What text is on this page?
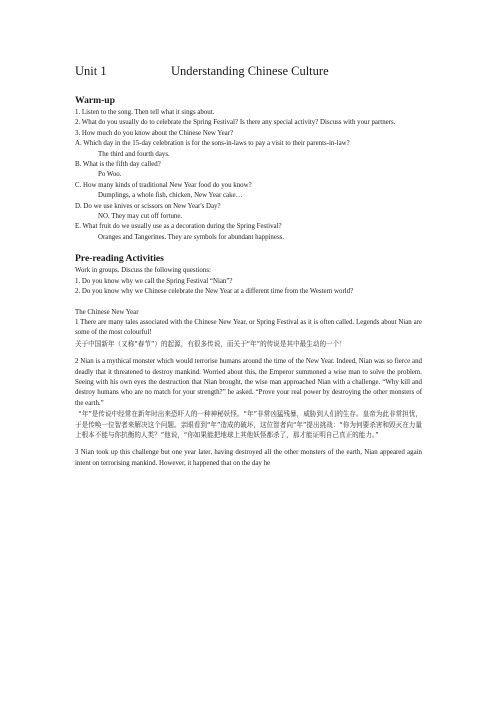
Unit 1	Understanding Chinese Culture
Warm-up

1. Listen to the song. Then tell what it sings about.

2. What do you usually do to celebrate the Spring Festival? Is there any special activity? Discuss with your partners.

3. How much do you know about the Chinese New Year?

A. Which day in the 15-day celebration is for the sons-in-laws to pay a visit to their parents-in-law?

The third and fourth days.

B. What is the fifth day called?

Po Woo.

C. How many kinds of traditional New Year food do you know?

Dumplings, a whole fish, chicken, New Year cake…

D. Do we use knives or scissors on New Year's Day?

NO. They may cut off fortune.

E. What fruit do we usually use as a decoration during the Spring Festival?

Oranges and Tangerines. They are symbols for abundant happiness.

Pre-reading Activities

Work in groups. Discuss the following questions:

1. Do you know why we call the Spring Festival “Nian”?

2. Do you know why we Chinese celebrate the New Year at a different time from the Western world?

The Chinese New Year

1 There are many tales associated with the Chinese New Year, or Spring Festival as it is often called. Legends about Nian are some of the most colourful!

关于中国新年（又称“春节”）的起源，有很多传说，而关于“年”的传说是其中最生动的一个！

2 Nian is a mythical monster which would terrorise humans around the time of the New Year. Indeed, Nian was so fierce and deadly that it threatened to destroy mankind. Worried about this, the Emperor summoned a wise man to solve the problem. Seeing with his own eyes the destruction that Nian brought, the wise man approached Nian with a challenge. “Why kill and destroy humans who are no match for your strength?” he asked. “Prove your real power by destroying the other monsters of the earth.”

“年”是传说中经常在新年时出来恐吓人的一种神秘妖怪。“年”非常凶猛残暴，威胁到人们的生存。皇帝为此非常担忧，于是传唤一位智者来解决这个问题。亲眼看到“年”造成的破坏，这位智者向“年”提出挑战：“你为何要杀害和毁灭在力量上根本不能与你抗衡的人类？”他说，“你如果能把地球上其他妖怪都杀了，那才能证明自己真正的能力。”

3 Nian took up this challenge but one year later, having destroyed all the other monsters of the earth, Nian appeared again intent on terrorising mankind. However, it happened that on the day he
